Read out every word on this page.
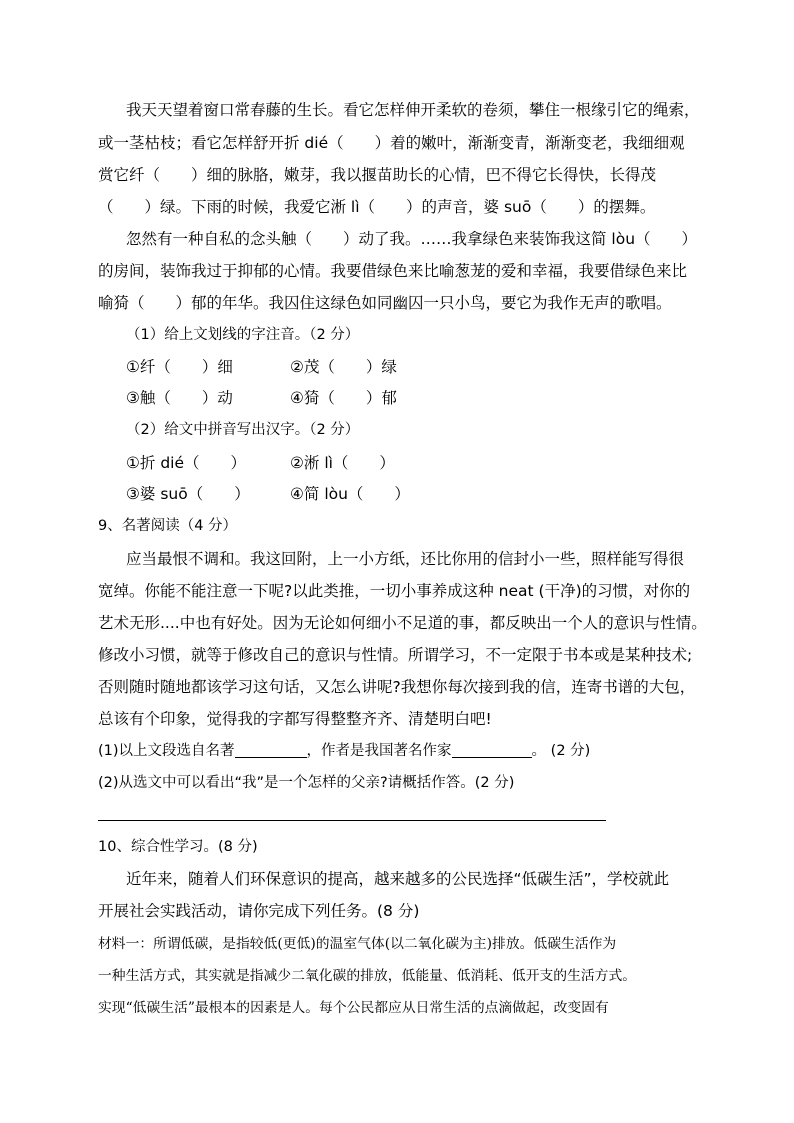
我天天望着窗口常春藤的生长。看它怎样伸开柔软的卷须，攀住一根缘引它的绳索，
或一茎枯枝；看它怎样舒开折 dié（　　）着的嫩叶，渐渐变青，渐渐变老，我细细观
赏它纤（　　）细的脉胳，嫩芽，我以揠苗助长的心情，巴不得它长得快，长得茂
（　　）绿。下雨的时候，我爱它淅 lì（　　）的声音，婆 suō（　　）的摆舞。
忽然有一种自私的念头触（　　）动了我。……我拿绿色来装饰我这简 lòu（　　）
的房间，装饰我过于抑郁的心情。我要借绿色来比喻葱茏的爱和幸福，我要借绿色来比
喻猗（　　）郁的年华。我囚住这绿色如同幽囚一只小鸟，要它为我作无声的歌唱。
（1）给上文划线的字注音。（2 分）
①纤（　　）细	②茂（　　）绿
③触（　　）动	④猗（　　）郁
（2）给文中拼音写出汉字。（2 分）
①折 dié（　　）	②淅 lì（　　）
③婆 suō（　　）	④简 lòu（　　）
9、名著阅读（4 分）
应当最恨不调和。我这回附，上一小方纸，还比你用的信封小一些，照样能写得很
宽绰。你能不能注意一下呢?以此类推，一切小事养成这种 neat (干净)的习惯，对你的
艺术无形....中也有好处。因为无论如何细小不足道的事，都反映出一个人的意识与性情。
修改小习惯，就等于修改自己的意识与性情。所谓学习，不一定限于书本或是某种技术;
否则随时随地都该学习这句话，又怎么讲呢?我想你每次接到我的信，连寄书谱的大包，
总该有个印象，觉得我的字都写得整整齐齐、清楚明白吧!
(1)以上文段选自名著	，作者是我国著名作家	。 (2 分)
(2)从选文中可以看出“我”是一个怎样的父亲?请概括作答。(2 分)
10、综合性学习。(8 分)
近年来，随着人们环保意识的提高，越来越多的公民选择“低碳生活”，学校就此
开展社会实践活动，请你完成下列任务。(8 分)
材料一：所谓低碳，是指较低(更低)的温室气体(以二氧化碳为主)排放。低碳生活作为
一种生活方式，其实就是指减少二氧化碳的排放，低能量、低消耗、低开支的生活方式。
实现“低碳生活”最根本的因素是人。每个公民都应从日常生活的点滴做起，改变固有
